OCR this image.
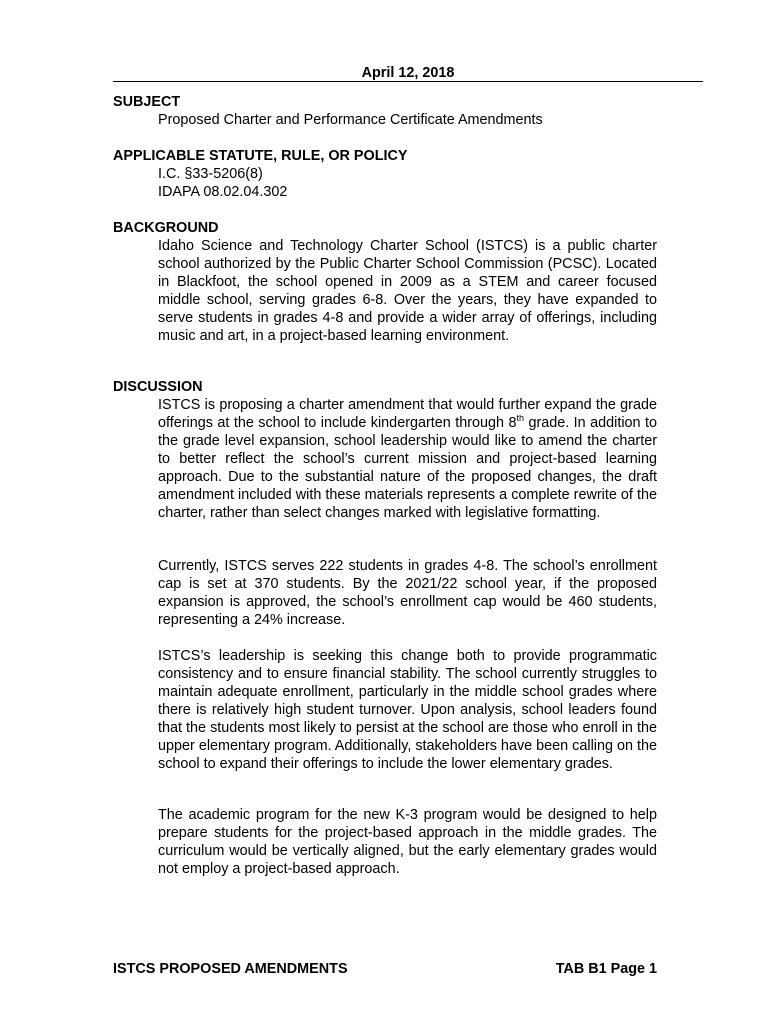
April 12, 2018
SUBJECT

Proposed Charter and Performance Certificate Amendments

APPLICABLE STATUTE, RULE, OR POLICY

I.C. §33-5206(8)

IDAPA 08.02.04.302

BACKGROUND

Idaho Science and Technology Charter School (ISTCS) is a public charter school authorized by the Public Charter School Commission (PCSC). Located in Blackfoot, the school opened in 2009 as a STEM and career focused middle school, serving grades 6-8. Over the years, they have expanded to serve students in grades 4-8 and provide a wider array of offerings, including music and art, in a project-based learning environment.

DISCUSSION

ISTCS is proposing a charter amendment that would further expand the grade offerings at the school to include kindergarten through 8th grade. In addition to the grade level expansion, school leadership would like to amend the charter to better reflect the school’s current mission and project-based learning approach. Due to the substantial nature of the proposed changes, the draft amendment included with these materials represents a complete rewrite of the charter, rather than select changes marked with legislative formatting.

Currently, ISTCS serves 222 students in grades 4-8. The school’s enrollment cap is set at 370 students. By the 2021/22 school year, if the proposed expansion is approved, the school’s enrollment cap would be 460 students, representing a 24% increase.

ISTCS’s leadership is seeking this change both to provide programmatic consistency and to ensure financial stability. The school currently struggles to maintain adequate enrollment, particularly in the middle school grades where there is relatively high student turnover. Upon analysis, school leaders found that the students most likely to persist at the school are those who enroll in the upper elementary program. Additionally, stakeholders have been calling on the school to expand their offerings to include the lower elementary grades.

The academic program for the new K-3 program would be designed to help prepare students for the project-based approach in the middle grades. The curriculum would be vertically aligned, but the early elementary grades would not employ a project-based approach.

ISTCS PROPOSED AMENDMENTS	TAB B1 Page 1
